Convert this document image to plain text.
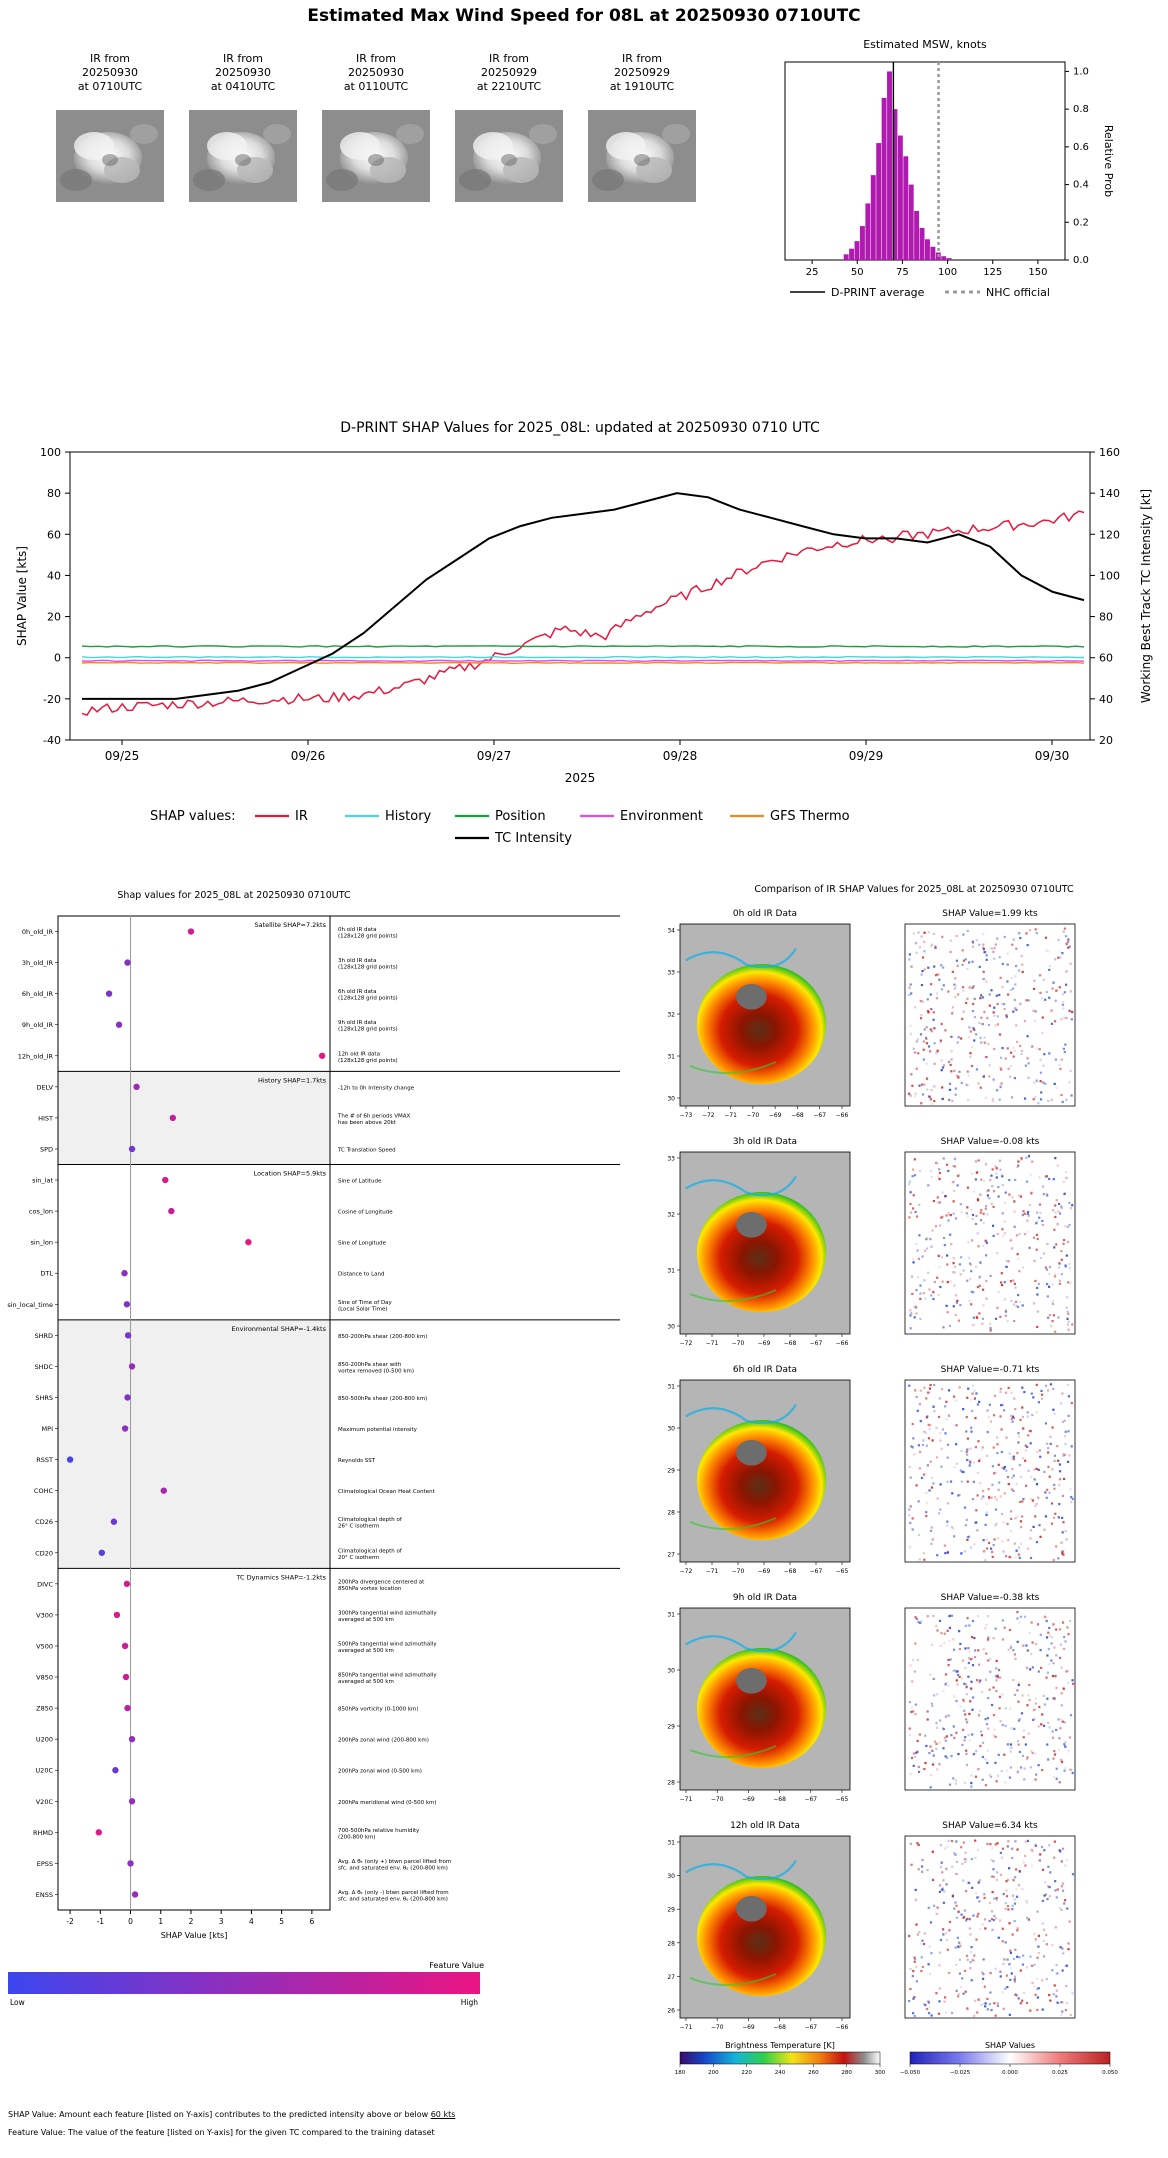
Estimated Max Wind Speed for 08L at 20250930 0710UTC
IR from
20250930
at 0710UTC
IR from
20250930
at 0410UTC
IR from
20250930
at 0110UTC
IR from
20250929
at 2210UTC
IR from
20250929
at 1910UTC
Estimated MSW, knots
25	50	75	100	125	150
0.0
0.2
0.4
0.6
0.8
1.0
Relative Prob
D-PRINT average	NHC official
D-PRINT SHAP Values for 2025_08L: updated at 20250930 0710 UTC
-40
-20
0
20
40
60
80
100
20
40
60
80
100
120
140
160
09/25	09/26	09/27	09/28	09/29	09/30
2025
SHAP Value [kts]	Working Best Track TC Intensity [kt]
SHAP values:	IR	History	Position	Environment	GFS Thermo
TC Intensity
Shap values for 2025_08L at 20250930 0710UTC
Satellite SHAP=7.2kts
History SHAP=1.7kts
Location SHAP=5.9kts
Environmental SHAP=-1.4kts
TC Dynamics SHAP=-1.2kts
0h_old_IR	0h old IR data
(128x128 grid points)
3h_old_IR	3h old IR data
(128x128 grid points)
6h_old_IR	6h old IR data
(128x128 grid points)
9h_old_IR	9h old IR data
(128x128 grid points)
12h_old_IR	12h old IR data
(128x128 grid points)
DELV	-12h to 0h Intensity change
HIST	The # of 6h periods VMAX
has been above 20kt
SPD	TC Translation Speed
sin_lat	Sine of Latitude
cos_lon	Cosine of Longitude
sin_lon	Sine of Longitude
DTL	Distance to Land
sin_local_time	Sine of Time of Day
(Local Solar Time)
SHRD	850-200hPa shear (200-800 km)
SHDC	850-200hPa shear with
vortex removed (0-500 km)
SHRS	850-500hPa shear (200-800 km)
MPI	Maximum potential intensity
RSST	Reynolds SST
COHC	Climatological Ocean Heat Content
CD26	Climatological depth of
26° C isotherm
CD20	Climatological depth of
20° C isotherm
DIVC	200hPa divergence centered at
850hPa vortex location
V300	300hPa tangential wind azimuthally
averaged at 500 km
V500	500hPa tangential wind azimuthally
averaged at 500 km
V850	850hPa tangential wind azimuthally
averaged at 500 km
Z850	850hPa vorticity (0-1000 km)
U200	200hPa zonal wind (200-800 km)
U20C	200hPa zonal wind (0-500 km)
V20C	200hPa meridional wind (0-500 km)
RHMD	700-500hPa relative humidity
(200-800 km)
EPSS	Avg. Δ θₑ (only +) btwn parcel lifted from
sfc. and saturated env. θₑ (200-800 km)
ENSS	Avg. Δ θₑ (only -) btwn parcel lifted from
sfc. and saturated env. θₑ (200-800 km)
-2	-1	0	1	2	3	4	5	6
SHAP Value [kts]
Feature Value
Low	High
Comparison of IR SHAP Values for 2025_08L at 20250930 0710UTC
0h old IR Data	SHAP Value=1.99 kts
34
33
32
31
30
−73 −72 −71 −70 −69 −68 −67 −66
3h old IR Data	SHAP Value=-0.08 kts
33
32
31
30
−72 −71 −70 −69 −68 −67 −66
6h old IR Data	SHAP Value=-0.71 kts
31
30
29
28
27
−72 −71 −70 −69 −68 −67 −65
9h old IR Data	SHAP Value=-0.38 kts
31
30
29
28
−71	−70	−69	−68	−67	−65
12h old IR Data	SHAP Value=6.34 kts
31
30
29
28
27
26
−71	−70	−69	−68	−67	−66
180	200	220	240	260	280	300
Brightness Temperature [K]
−0.050	−0.025	0.000	0.025	0.050
SHAP Values
SHAP Value: Amount each feature [listed on Y-axis] contributes to the predicted intensity above or below 60 kts
Feature Value: The value of the feature [listed on Y-axis] for the given TC compared to the training dataset
